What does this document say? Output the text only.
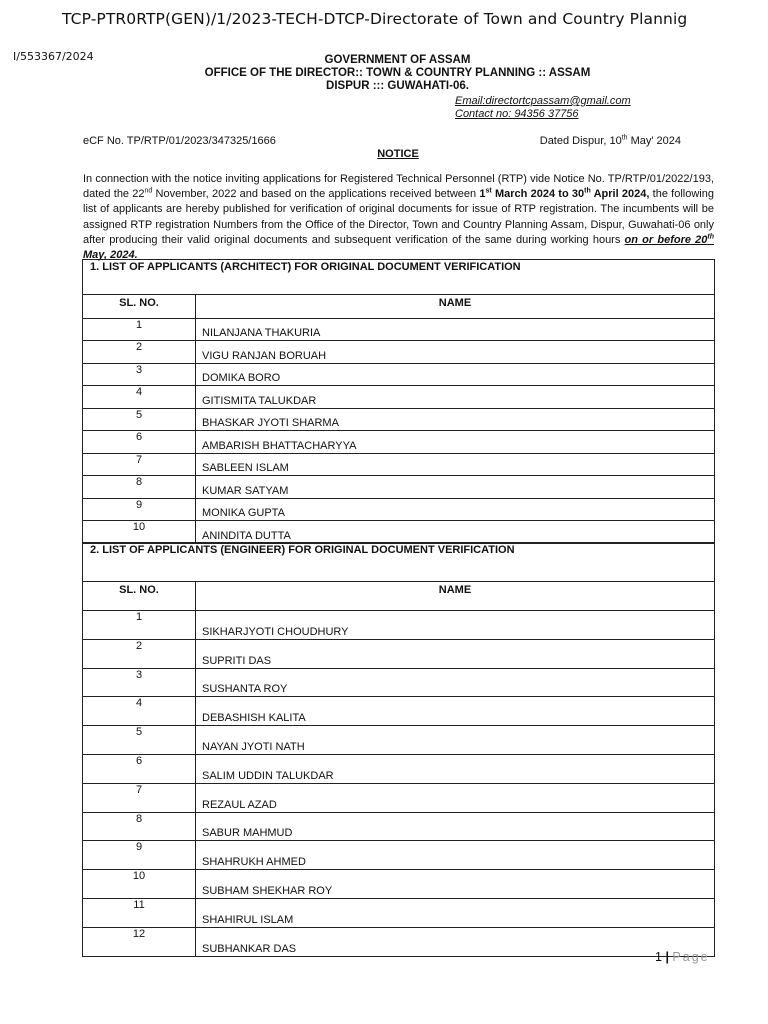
TCP-PTR0RTP(GEN)/1/2023-TECH-DTCP-Directorate of Town and Country Plannig
I/553367/2024	GOVERNMENT OF ASSAM
OFFICE OF THE DIRECTOR:: TOWN & COUNTRY PLANNING :: ASSAM
DISPUR ::: GUWAHATI-06.
Email:directortcpassam@gmail.com
Contact no: 94356 37756
eCF No. TP/RTP/01/2023/347325/1666	Dated Dispur, 10th May' 2024
NOTICE
In connection with the notice inviting applications for Registered Technical Personnel (RTP) vide Notice No. TP/RTP/01/2022/193, dated the 22nd November, 2022 and based on the applications received between 1st March 2024 to 30th April 2024, the following list of applicants are hereby published for verification of original documents for issue of RTP registration. The incumbents will be assigned RTP registration Numbers from the Office of the Director, Town and Country Planning Assam, Dispur, Guwahati-06 only after producing their valid original documents and subsequent verification of the same during working hours on or before 20th May, 2024.
1. LIST OF APPLICANTS (ARCHITECT) FOR ORIGINAL DOCUMENT VERIFICATION	
SL. NO.	NAME
1	NILANJANA THAKURIA
2	VIGU RANJAN BORUAH
3	DOMIKA BORO
4	GITISMITA TALUKDAR
5	BHASKAR JYOTI SHARMA
6	AMBARISH BHATTACHARYYA
7	SABLEEN ISLAM
8	KUMAR SATYAM
9	MONIKA GUPTA
10	ANINDITA DUTTA
2. LIST OF APPLICANTS (ENGINEER) FOR ORIGINAL DOCUMENT VERIFICATION	
SL. NO.	NAME
1	SIKHARJYOTI CHOUDHURY
2	SUPRITI DAS
3	SUSHANTA ROY
4	DEBASHISH KALITA
5	NAYAN JYOTI NATH
6	SALIM UDDIN TALUKDAR
7	REZAUL AZAD
8	SABUR MAHMUD
9	SHAHRUKH AHMED
10	SUBHAM SHEKHAR ROY
11	SHAHIRUL ISLAM
12	SUBHANKAR DAS
1 | Page
